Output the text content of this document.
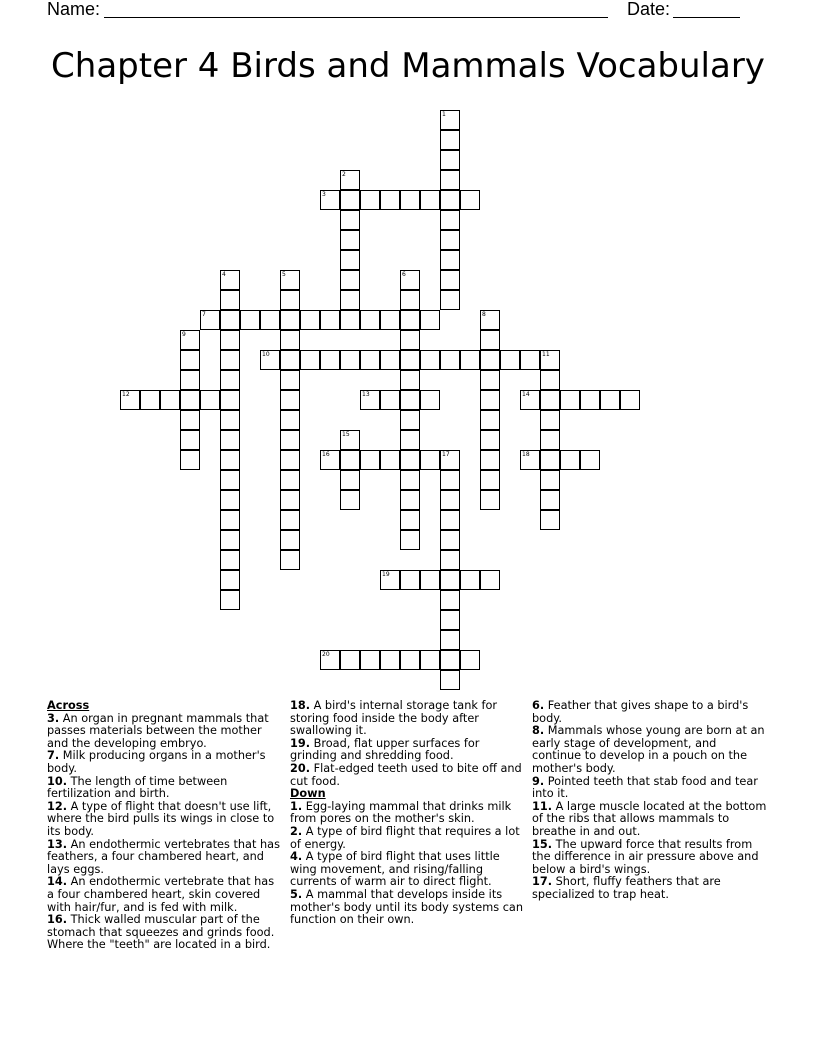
Name:	Date:
Chapter 4 Birds and Mammals Vocabulary
1
2
3
4	5	6
7	8
9
10	11
12	13	14
15
16	17	18
19
20
Across
3. An organ in pregnant mammals that passes materials between the mother and the developing embryo.
7. Milk producing organs in a mother's body.
10. The length of time between fertilization and birth.
12. A type of flight that doesn't use lift, where the bird pulls its wings in close to its body.
13. An endothermic vertebrates that has feathers, a four chambered heart, and lays eggs.
14. An endothermic vertebrate that has a four chambered heart, skin covered with hair/fur, and is fed with milk.
16. Thick walled muscular part of the stomach that squeezes and grinds food. Where the "teeth" are located in a bird.
18. A bird's internal storage tank for storing food inside the body after swallowing it.
19. Broad, flat upper surfaces for grinding and shredding food.
20. Flat-edged teeth used to bite off and cut food.
Down
1. Egg-laying mammal that drinks milk from pores on the mother's skin.
2. A type of bird flight that requires a lot of energy.
4. A type of bird flight that uses little wing movement, and rising/falling currents of warm air to direct flight.
5. A mammal that develops inside its mother's body until its body systems can function on their own.
6. Feather that gives shape to a bird's body.
8. Mammals whose young are born at an early stage of development, and continue to develop in a pouch on the mother's body.
9. Pointed teeth that stab food and tear into it.
11. A large muscle located at the bottom of the ribs that allows mammals to breathe in and out.
15. The upward force that results from the difference in air pressure above and below a bird's wings.
17. Short, fluffy feathers that are specialized to trap heat.
